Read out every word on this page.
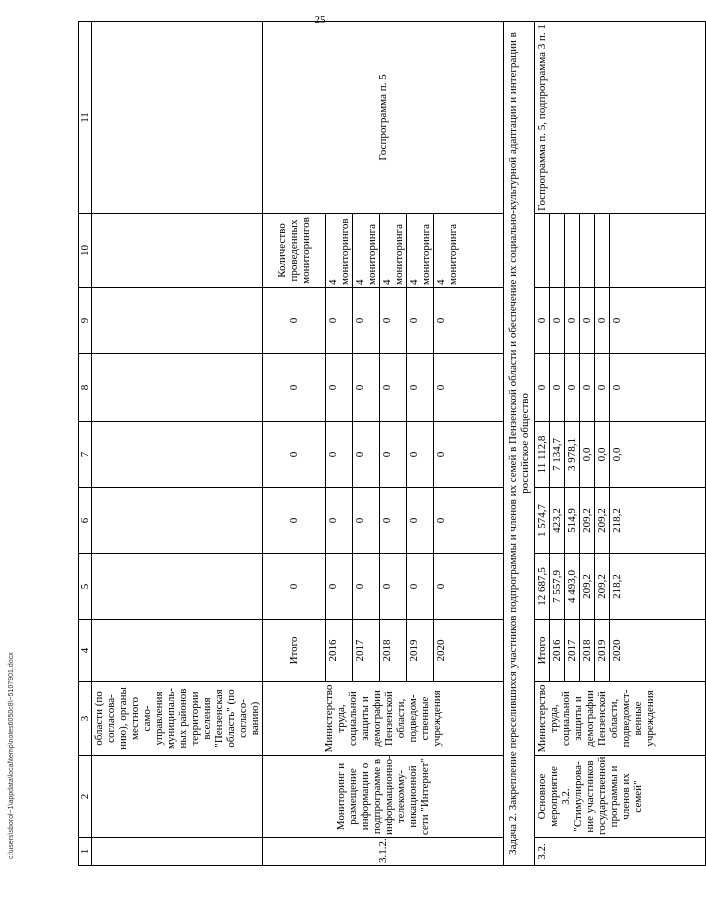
25
c:\users\sborol~1\appdata\local\temp\notes6050c8\~5107901.docx	1	2	3	4	5	6	7	8	9	10	11
		области (по согласова-нию), органы местного само-управления муниципаль-ных районов территории вселения "Пензенская область" (по согласо-ванию)								
3.1.2.	Мониторинг и размещение информации о подпрограмме в информационно-телекомму-никационной сети "Интернет"	Министерство труда, социальной защиты и демографии Пензенской области, подведом-ственные учреждения	Итого	0	0	0	0	0	Количество проведенных мониторингов	Госпрограмма п. 5
			2016	0	0	0	0	0	4 мониторингов	
			2017	0	0	0	0	0	4 мониторинга	
			2018	0	0	0	0	0	4 мониторинга	
			2019	0	0	0	0	0	4 мониторинга	
			2020	0	0	0	0	0	4 мониторинга	
Задача 2. Закрепление переселившихся участников подпрограммы и членов их семей в Пензенской области и обеспечение их социально-культурной адаптации и интеграции в российское общество										
3.2.	Основное мероприятие 3.2. "Стимулирова-ние участников государственной программы и членов их семей"	Министерство труда, социальной защиты и демографии Пензенской области, подведомст-венные учреждения	Итого	12 687,5	1 574,7	11 112,8	0	0		Госпрограмма п. 5, подпрограмма 3 п. 1
			2016	7 557,9	423,2	7 134,7	0	0		
			2017	4 493,0	514,9	3 978,1	0	0		
			2018	209,2	209,2	0,0	0	0		
			2019	209,2	209,2	0,0	0	0		
			2020	218,2	218,2	0,0	0	0		
